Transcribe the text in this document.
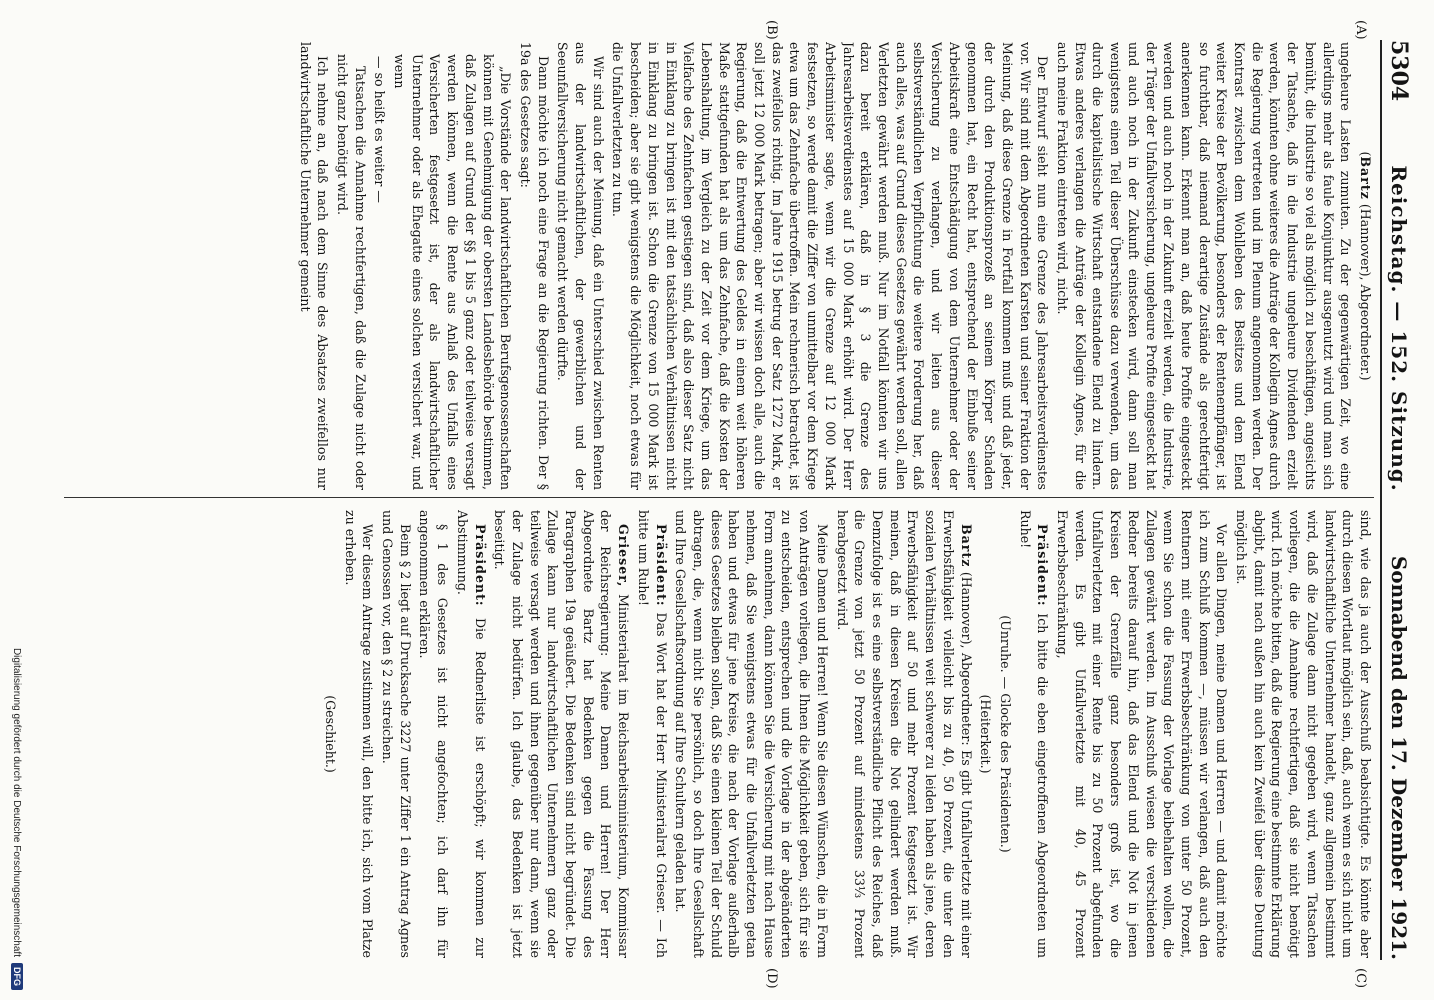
5304
Reichstag. — 152. Sitzung.
Sonnabend den 17. Dezember 1921.
(A)
(B)
(C)
(D)

(Bartz (Hannover), Abgeordneter.)

ungeheure Lasten zumuten. Zu der gegenwärtigen Zeit, wo eine allerdings mehr als faule Konjunktur ausgenutzt wird und man sich bemüht, die Industrie so viel als möglich zu beschäftigen, angesichts der Tatsache, daß in die Industrie ungeheure Dividenden erzielt werden, könnten ohne weiteres die Anträge der Kollegin Agnes durch die Regierung vertreten und im Plenum angenommen werden. Der Kontrast zwischen dem Wohlleben des Besitzes und dem Elend weiter Kreise der Bevölkerung, besonders der Rentenempfänger, ist so furchtbar, daß niemand derartige Zustände als gerechtfertigt anerkennen kann. Erkennt man an, daß heute Profite eingesteckt werden und auch noch in der Zukunft erzielt werden, die Industrie, der Träger der Unfallversicherung, ungeheure Profite eingesteckt hat und auch noch in der Zukunft einstecken wird, dann soll man wenigstens einen Teil dieser Überschüsse dazu verwenden, um das durch die kapitalistische Wirtschaft entstandene Elend zu lindern. Etwas anderes verlangen die Anträge der Kollegin Agnes, für die auch meine Fraktion eintreten wird, nicht.

Der Entwurf sieht nun eine Grenze des Jahresarbeitsverdienstes vor. Wir sind mit dem Abgeordneten Karsten und seiner Fraktion der Meinung, daß diese Grenze in Fortfall kommen muß und daß jeder, der durch den Produktionsprozeß an seinem Körper Schaden genommen hat, ein Recht hat, entsprechend der Einbuße seiner Arbeitskraft eine Entschädigung von dem Unternehmer oder der Versicherung zu verlangen, und wir leiten aus dieser selbstverständlichen Verpflichtung die weitere Forderung her, daß auch alles, was auf Grund dieses Gesetzes gewährt werden soll, allen Verletzten gewährt werden muß. Nur im Notfall könnten wir uns dazu bereit erklären, daß in § 3 die Grenze des Jahresarbeitsverdienstes auf 15 000 Mark erhöht wird. Der Herr Arbeitsminister sagte, wenn wir die Grenze auf 12 000 Mark festsetzen, so werde damit die Ziffer von unmittelbar vor dem Kriege etwa um das Zehnfache übertroffen. Mein rechnerisch betrachtet, ist das zweifellos richtig. Im Jahre 1915 betrug der Satz 1272 Mark, er soll jetzt 12 000 Mark betragen; aber wir wissen doch alle, auch die Regierung, daß die Entwertung des Geldes in einem weit höheren Maße stattgefunden hat als um das Zehnfache, daß die Kosten der Lebenshaltung, im Vergleich zu der Zeit vor dem Kriege, um das Vielfache des Zehnfachen gestiegen sind, daß also dieser Satz nicht in Einklang zu bringen ist mit den tatsächlichen Verhältnissen nicht in Einklang zu bringen ist. Schon die Grenze von 15 000 Mark ist bescheiden; aber sie gibt wenigstens die Möglichkeit, noch etwas für die Unfallverletzten zu tun.

Wir sind auch der Meinung, daß ein Unterschied zwischen Renten aus der landwirtschaftlichen, der gewerblichen und der Seeunfallversicherung nicht gemacht werden dürfte.

Dann möchte ich noch eine Frage an die Regierung richten. Der § 19a des Gesetzes sagt:

„Die Vorstände der landwirtschaftlichen Berufsgenossenschaften können mit Genehmigung der obersten Landesbehörde bestimmen, daß Zulagen auf Grund der §§ 1 bis 5 ganz oder teilweise versagt werden können, wenn die Rente aus Anlaß des Unfalls eines Versicherten festgesetzt ist, der als landwirtschaftlicher Unternehmer oder als Ehegatte eines solchen versichert war, und wenn

— so heißt es weiter —

Tatsachen die Annahme rechtfertigen, daß die Zulage nicht oder nicht ganz benötigt wird.

Ich nehme an, daß nach dem Sinne des Absatzes zweifellos nur landwirtschaftliche Unternehmer gemeint

sind, wie das ja auch der Ausschuß beabsichtigte. Es könnte aber durch diesen Wortlaut möglich sein, daß, auch wenn es sich nicht um landwirtschaftliche Unternehmer handelt, ganz allgemein bestimmt wird, daß die Zulage dann nicht gegeben wird, wenn Tatsachen vorliegen, die die Annahme rechtfertigen, daß sie nicht benötigt wird. Ich möchte bitten, daß die Regierung eine bestimmte Erklärung abgibt, damit nach außen hin auch kein Zweifel über diese Deutung möglich ist.

Vor allen Dingen, meine Damen und Herren — und damit möchte ich zum Schluß kommen —, müssen wir verlangen, daß auch den Rentnern mit einer Erwerbsbeschränkung von unter 50 Prozent, wenn Sie schon die Fassung der Vorlage beibehalten wollen, die Zulagen gewährt werden. Im Ausschuß wiesen die verschiedenen Redner bereits darauf hin, daß das Elend und die Not in jenen Kreisen der Grenzfälle ganz besonders groß ist, wo die Unfallverletzten mit einer Rente bis zu 50 Prozent abgefunden werden. Es gibt Unfallverletzte mit 40, 45 Prozent Erwerbsbeschränkung,

Präsident: Ich bitte die eben eingetroffenen Abgeordneten um Ruhe!

(Unruhe. — Glocke des Präsidenten.)

(Heiterkeit.)

Bartz (Hannover), Abgeordneter: Es gibt Unfallverletzte mit einer Erwerbsfähigkeit vielleicht bis zu 40, 50 Prozent, die unter den sozialen Verhältnissen weit schwerer zu leiden haben als jene, deren Erwerbsfähigkeit auf 50 und mehr Prozent festgesetzt ist. Wir meinen, daß in diesen Kreisen die Not gelindert werden muß. Demzufolge ist es eine selbstverständliche Pflicht des Reiches, daß die Grenze von jetzt 50 Prozent auf mindestens 33⅓ Prozent herabgesetzt wird.

Meine Damen und Herren! Wenn Sie diesen Wünschen, die in Form von Anträgen vorliegen, die Ihnen die Möglichkeit geben, sich für sie zu entscheiden, entsprechen und die Vorlage in der abgeänderten Form annehmen, dann können Sie die Versicherung mit nach Hause nehmen, daß Sie wenigstens etwas für die Unfallverletzten getan haben und etwas für jene Kreise, die nach der Vorlage außerhalb dieses Gesetzes bleiben sollen, daß Sie einen kleinen Teil der Schuld abtragen, die, wenn nicht Sie persönlich, so doch Ihre Gesellschaft und Ihre Gesellschaftsordnung auf Ihre Schultern geladen hat.

Präsident: Das Wort hat der Herr Ministerialrat Grieser. — Ich bitte um Ruhe!

Grieser, Ministerialrat im Reichsarbeitsministerium, Kommissar der Reichsregierung: Meine Damen und Herren! Der Herr Abgeordnete Bartz hat Bedenken gegen die Fassung des Paragraphen 19a geäußert. Die Bedenken sind nicht begründet. Die Zulage kann nur landwirtschaftlichen Unternehmern ganz oder teilweise versagt werden und ihnen gegenüber nur dann, wenn sie der Zulage nicht bedürfen. Ich glaube, das Bedenken ist jetzt beseitigt.

Präsident: Die Rednerliste ist erschöpft; wir kommen zur Abstimmung.

§ 1 des Gesetzes ist nicht angefochten; ich darf ihn für angenommen erklären.

Beim § 2 liegt auf Drucksache 3227 unter Ziffer 1 ein Antrag Agnes und Genossen vor, den § 2 zu streichen.

Wer diesem Antrage zustimmen will, den bitte ich, sich vom Platze zu erheben.

(Geschieht.)

Digitalisierung gefördert durch die Deutsche Forschungsgemeinschaft
DFG
